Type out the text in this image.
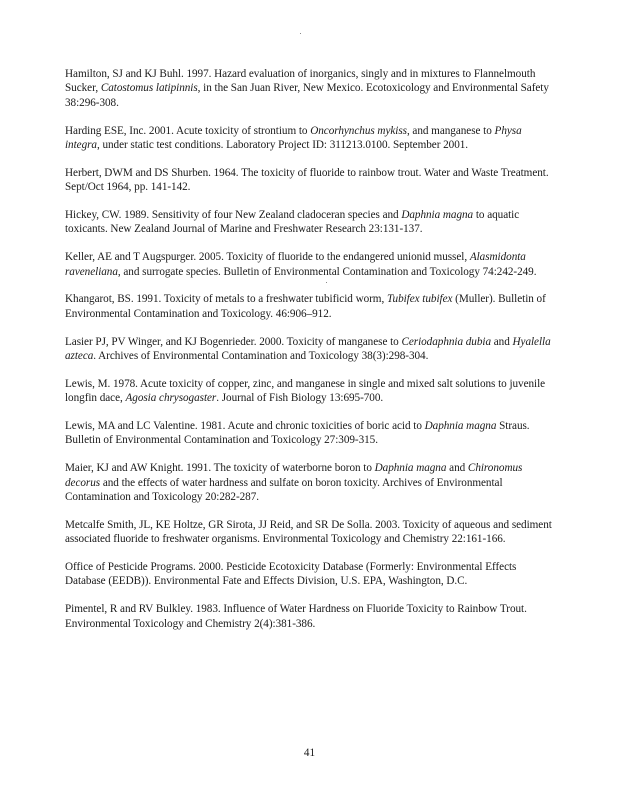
Hamilton, SJ and KJ Buhl. 1997. Hazard evaluation of inorganics, singly and in mixtures to Flannelmouth Sucker, Catostomus latipinnis, in the San Juan River, New Mexico. Ecotoxicology and Environmental Safety 38:296-308.

Harding ESE, Inc. 2001. Acute toxicity of strontium to Oncorhynchus mykiss, and manganese to Physa integra, under static test conditions. Laboratory Project ID: 311213.0100. September 2001.

Herbert, DWM and DS Shurben. 1964. The toxicity of fluoride to rainbow trout. Water and Waste Treatment. Sept/Oct 1964, pp. 141-142.

Hickey, CW. 1989. Sensitivity of four New Zealand cladoceran species and Daphnia magna to aquatic toxicants. New Zealand Journal of Marine and Freshwater Research 23:131-137.

Keller, AE and T Augspurger. 2005. Toxicity of fluoride to the endangered unionid mussel, Alasmidonta raveneliana, and surrogate species. Bulletin of Environmental Contamination and Toxicology 74:242-249.

Khangarot, BS. 1991. Toxicity of metals to a freshwater tubificid worm, Tubifex tubifex (Muller). Bulletin of Environmental Contamination and Toxicology. 46:906–912.

Lasier PJ, PV Winger, and KJ Bogenrieder. 2000. Toxicity of manganese to Ceriodaphnia dubia and Hyalella azteca. Archives of Environmental Contamination and Toxicology 38(3):298-304.

Lewis, M. 1978. Acute toxicity of copper, zinc, and manganese in single and mixed salt solutions to juvenile longfin dace, Agosia chrysogaster. Journal of Fish Biology 13:695-700.

Lewis, MA and LC Valentine. 1981. Acute and chronic toxicities of boric acid to Daphnia magna Straus. Bulletin of Environmental Contamination and Toxicology 27:309-315.

Maier, KJ and AW Knight. 1991. The toxicity of waterborne boron to Daphnia magna and Chironomus decorus and the effects of water hardness and sulfate on boron toxicity. Archives of Environmental Contamination and Toxicology 20:282-287.

Metcalfe Smith, JL, KE Holtze, GR Sirota, JJ Reid, and SR De Solla. 2003. Toxicity of aqueous and sediment associated fluoride to freshwater organisms. Environmental Toxicology and Chemistry 22:161-166.

Office of Pesticide Programs. 2000. Pesticide Ecotoxicity Database (Formerly: Environmental Effects Database (EEDB)). Environmental Fate and Effects Division, U.S. EPA, Washington, D.C.

Pimentel, R and RV Bulkley. 1983. Influence of Water Hardness on Fluoride Toxicity to Rainbow Trout. Environmental Toxicology and Chemistry 2(4):381-386.

41
